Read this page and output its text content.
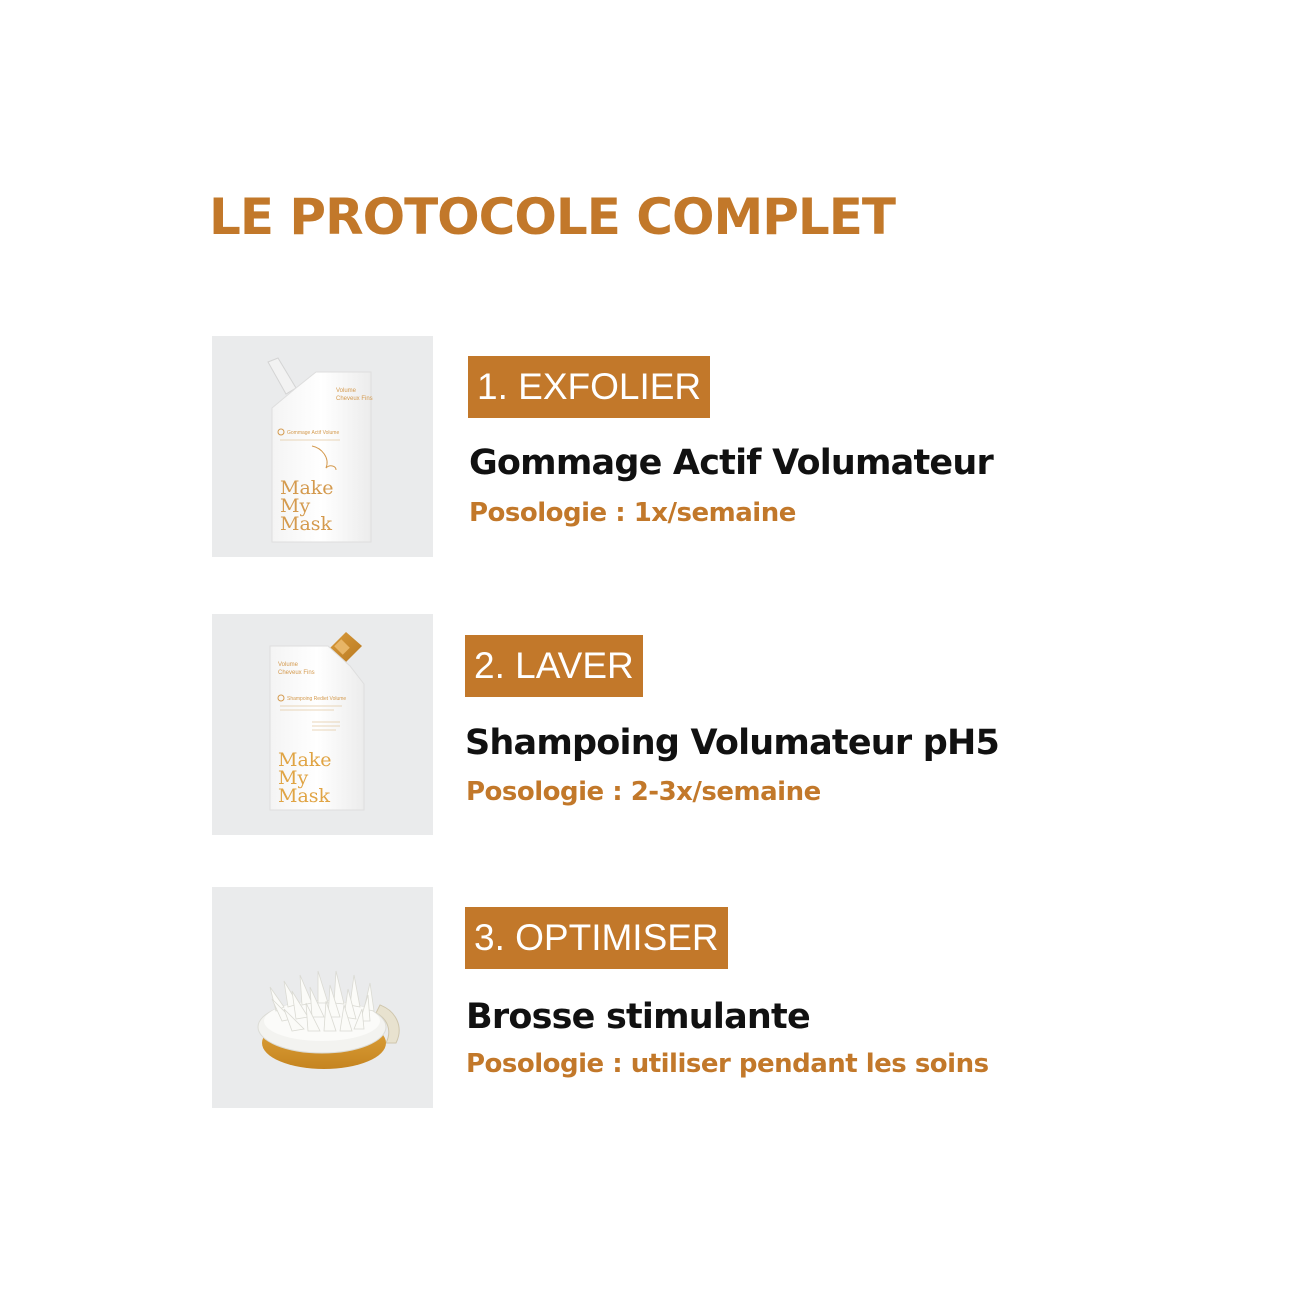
LE PROTOCOLE COMPLET
Volume
Cheveux Fins
Gommage Actif Volume
Make My Mask
1. EXFOLIER
Gommage Actif Volumateur
Posologie : 1x/semaine
Volume
Cheveux Fins
Shampoing Rediet Volume
Make My Mask
2. LAVER
Shampoing Volumateur pH5
Posologie : 2-3x/semaine
3. OPTIMISER
Brosse stimulante
Posologie : utiliser pendant les soins
